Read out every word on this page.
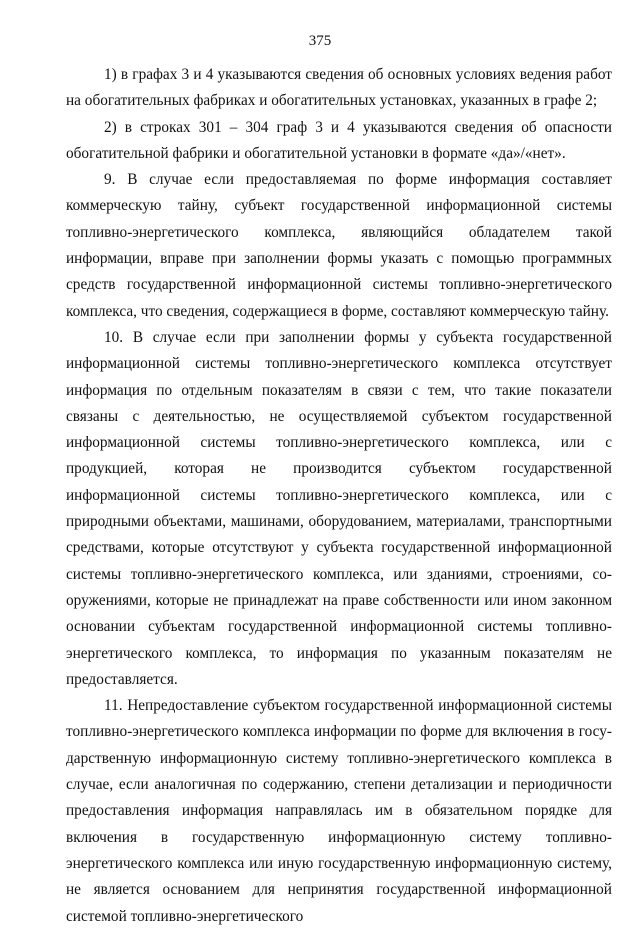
375

1) в графах 3 и 4 указываются сведения об основных условиях ведения работ на обогатительных фабриках и обогатительных установках, указанных в графе 2;

2) в строках 301 – 304 граф 3 и 4 указываются сведения об опасности обогатительной фабрики и обогатительной установки в формате «да»/«нет».

9. В случае если предоставляемая по форме информация составляет коммерческую тайну, субъект государственной информационной системы топливно-энергетического комплекса, являющийся обладателем такой информации, вправе при заполнении формы указать с помощью программных средств государственной информационной системы топливно-энергетического комплекса, что сведения, содержащиеся в форме, составляют коммерческую тайну.

10. В случае если при заполнении формы у субъекта государственной информационной системы топливно-энергетического комплекса отсутствует информация по отдельным показателям в связи с тем, что такие показатели связаны с деятельностью, не осуществляемой субъектом государственной информационной системы топливно-энергетического комплекса, или с продукцией, которая не производится субъектом государственной информационной системы топливно-энергетического комплекса, или с природными объектами, машинами, оборудованием, материалами, транспортными средствами, которые отсутствуют у субъекта государственной информационной системы топливно-энергетического комплекса, или зданиями, строениями, сооружениями, которые не принадлежат на праве собственности или ином законном основании субъектам государственной информационной системы топливно-энергетического комплекса, то информация по указанным показателям не предоставляется.

11. Непредоставление субъектом государственной информационной системы топливно-энергетического комплекса информации по форме для включения в государственную информационную систему топливно-энергетического комплекса в случае, если аналогичная по содержанию, степени детализации и периодичности предоставления информация направлялась им в обязательном порядке для включения в государственную информационную систему топливно-энергетического комплекса или иную государственную информационную систему, не является основанием для непринятия государственной информационной системой топливно-энергетического
